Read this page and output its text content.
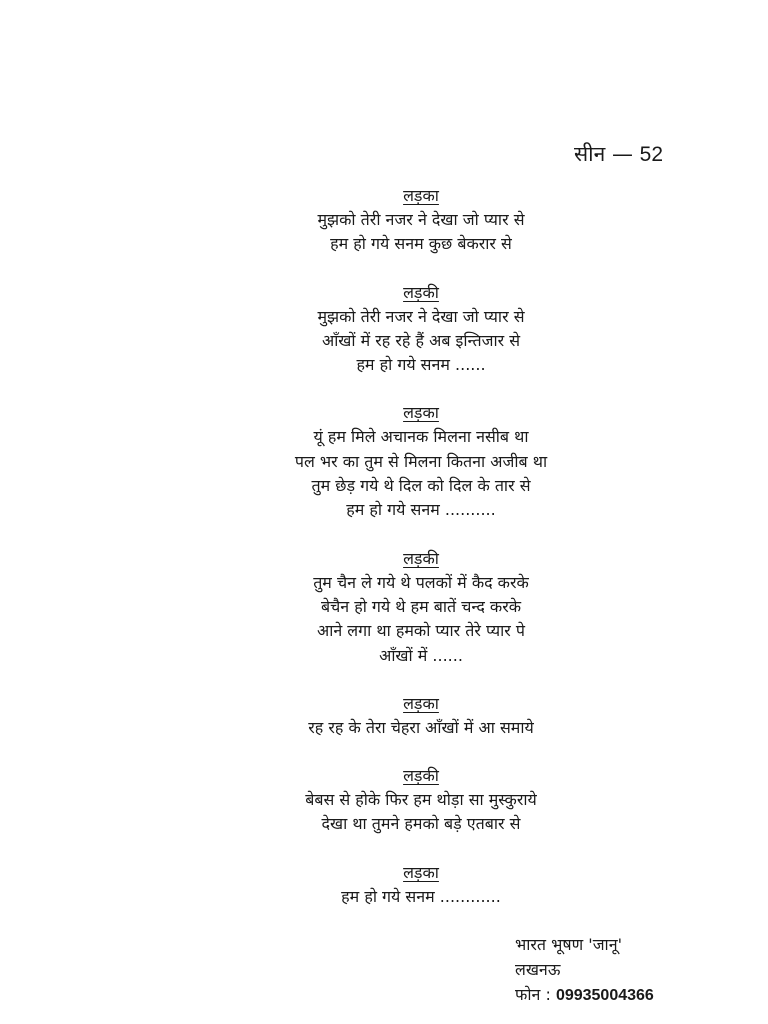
सीन — 52
लड़का
मुझको तेरी नजर ने देखा जो प्यार से
हम हो गये सनम कुछ बेकरार से
लड़की
मुझको तेरी नजर ने देखा जो प्यार से
आँखों में रह रहे हैं अब इन्तिजार से
हम हो गये सनम ......
लड़का
यूं हम मिले अचानक मिलना नसीब था
पल भर का तुम से मिलना कितना अजीब था
तुम छेड़ गये थे दिल को दिल के तार से
हम हो गये सनम ..........
लड़की
तुम चैन ले गये थे पलकों में कैद करके
बेचैन हो गये थे हम बातें चन्द करके
आने लगा था हमको प्यार तेरे प्यार पे
आँखों में ......
लड़का
रह रह के तेरा चेहरा आँखों में आ समाये
लड़की
बेबस से होके फिर हम थोड़ा सा मुस्कुराये
देखा था तुमने हमको बड़े एतबार से
लड़का
हम हो गये सनम ............
भारत भूषण 'जानू'
लखनऊ
फोन : 09935004366
